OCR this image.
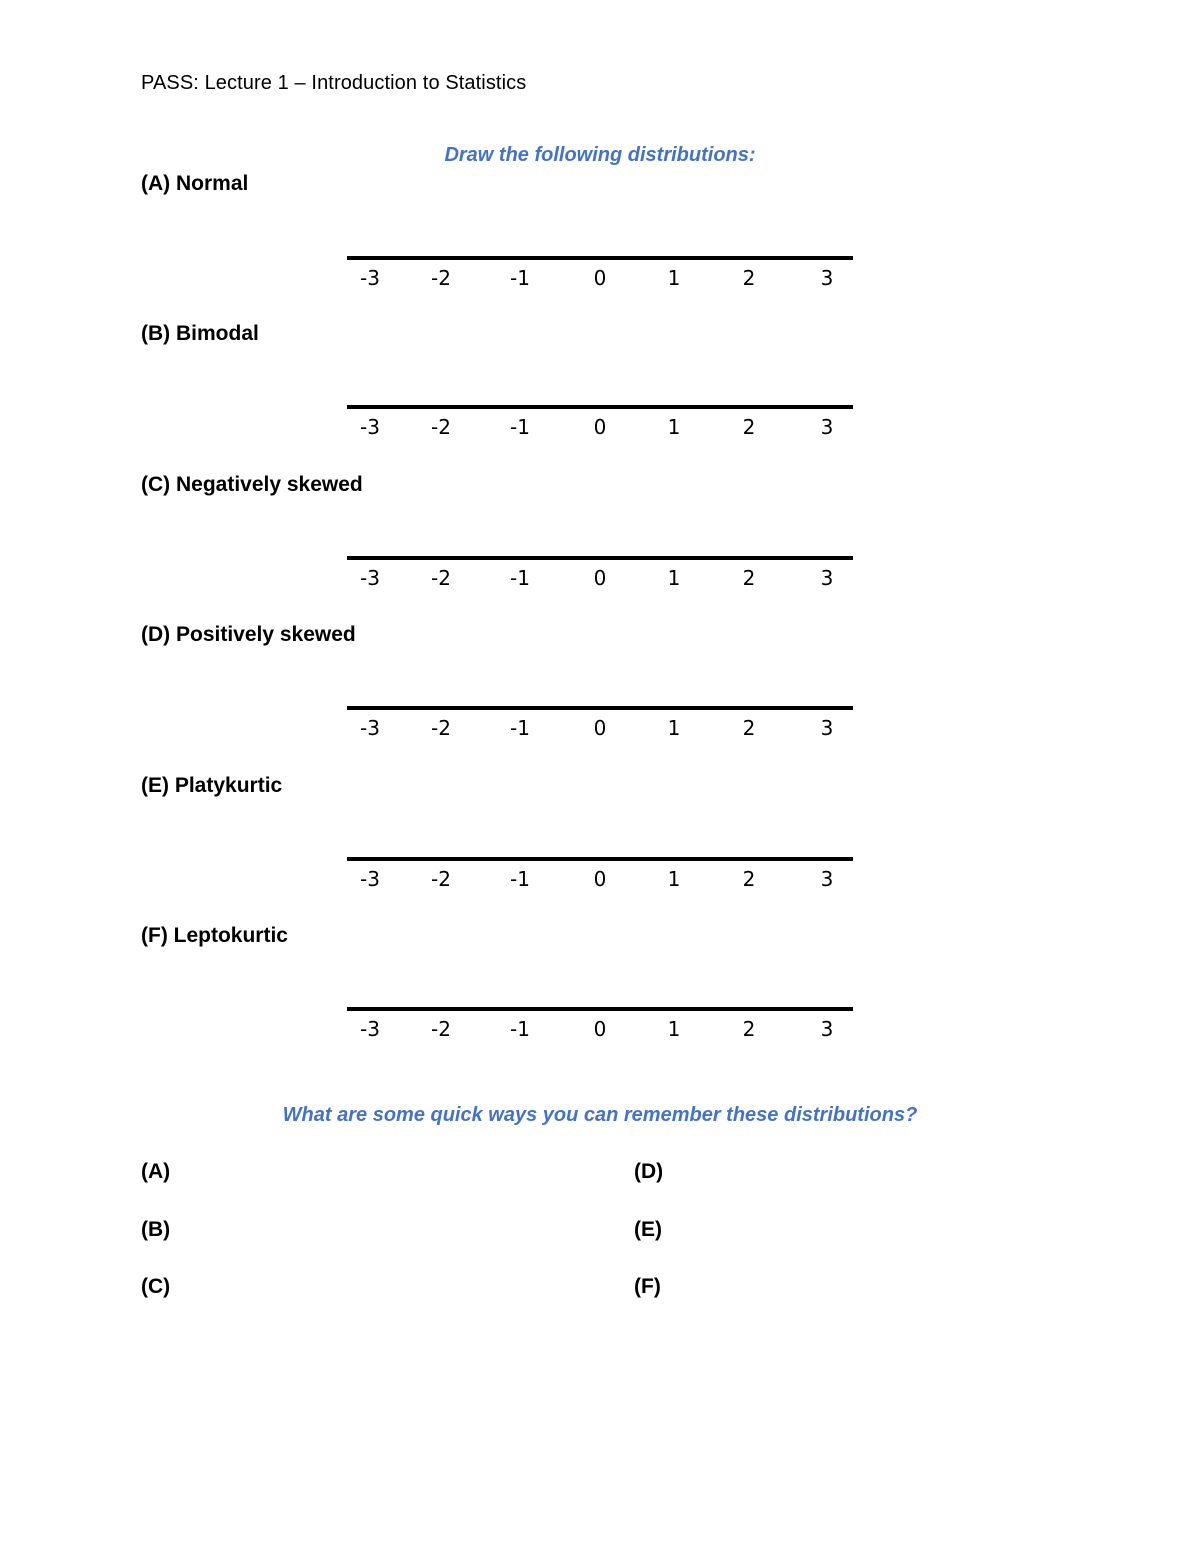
PASS: Lecture 1 – Introduction to Statistics
Draw the following distributions:
(A) Normal
-3	-2	-1	0	1	2	3
(B) Bimodal
-3	-2	-1	0	1	2	3
(C) Negatively skewed
-3	-2	-1	0	1	2	3
(D) Positively skewed
-3	-2	-1	0	1	2	3
(E) Platykurtic
-3	-2	-1	0	1	2	3
(F) Leptokurtic
-3	-2	-1	0	1	2	3
What are some quick ways you can remember these distributions?
(A)
(B)
(C)
(D)
(E)
(F)
